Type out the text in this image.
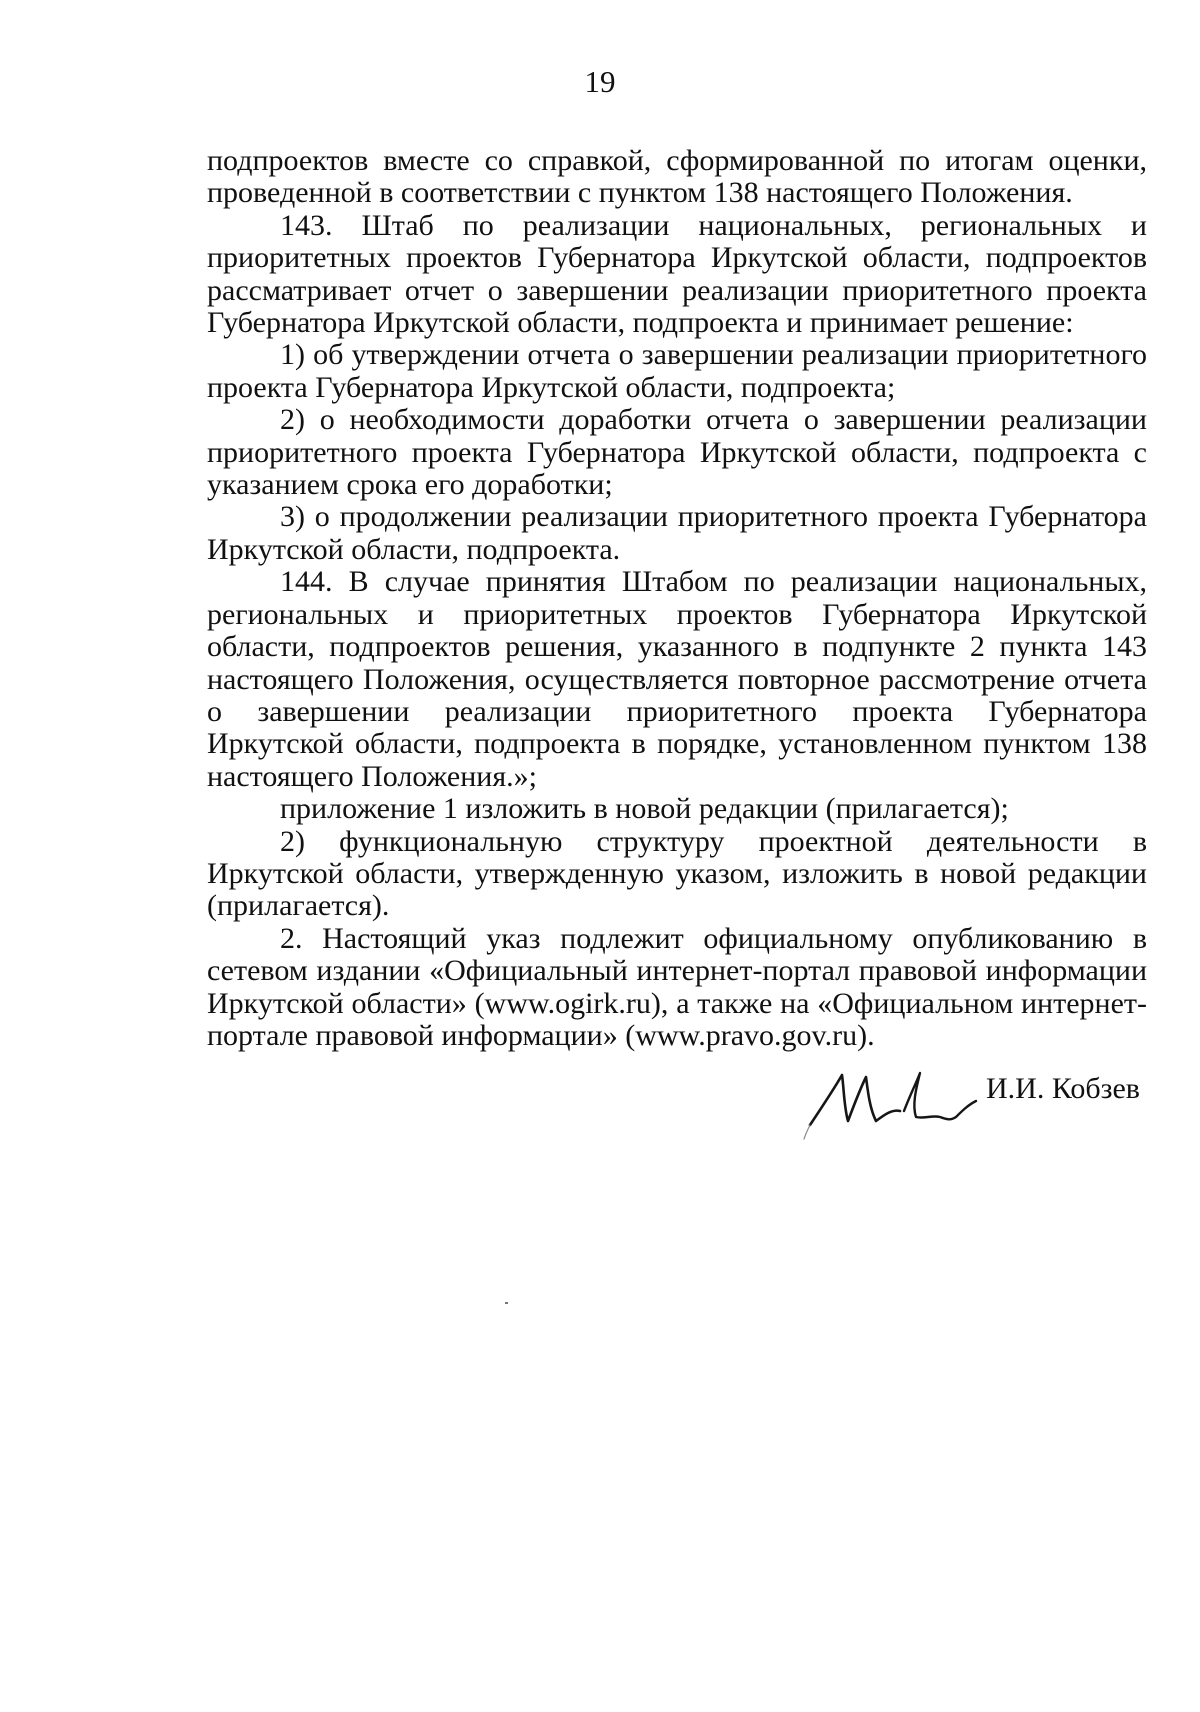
19

подпроектов вместе со справкой, сформированной по итогам оценки, проведенной в соответствии с пунктом 138 настоящего Положения.

143. Штаб по реализации национальных, региональных и приоритетных проектов Губернатора Иркутской области, подпроектов рассматривает отчет о завершении реализации приоритетного проекта Губернатора Иркутской области, подпроекта и принимает решение:

1) об утверждении отчета о завершении реализации приоритетного проекта Губернатора Иркутской области, подпроекта;

2) о необходимости доработки отчета о завершении реализации приоритетного проекта Губернатора Иркутской области, подпроекта с указанием срока его доработки;

3) о продолжении реализации приоритетного проекта Губернатора Иркутской области, подпроекта.

144. В случае принятия Штабом по реализации национальных, региональных и приоритетных проектов Губернатора Иркутской области, подпроектов решения, указанного в подпункте 2 пункта 143 настоящего Положения, осуществляется повторное рассмотрение отчета о завершении реализации приоритетного проекта Губернатора Иркутской области, подпроекта в порядке, установленном пунктом 138 настоящего Положения.»;

приложение 1 изложить в новой редакции (прилагается);

2) функциональную структуру проектной деятельности в Иркутской области, утвержденную указом, изложить в новой редакции (прилагается).

2. Настоящий указ подлежит официальному опубликованию в сетевом издании «Официальный интернет-портал правовой информации Иркутской области» (www.ogirk.ru), а также на «Официальном интернет-портале правовой информации» (www.pravo.gov.ru).

И.И. Кобзев
